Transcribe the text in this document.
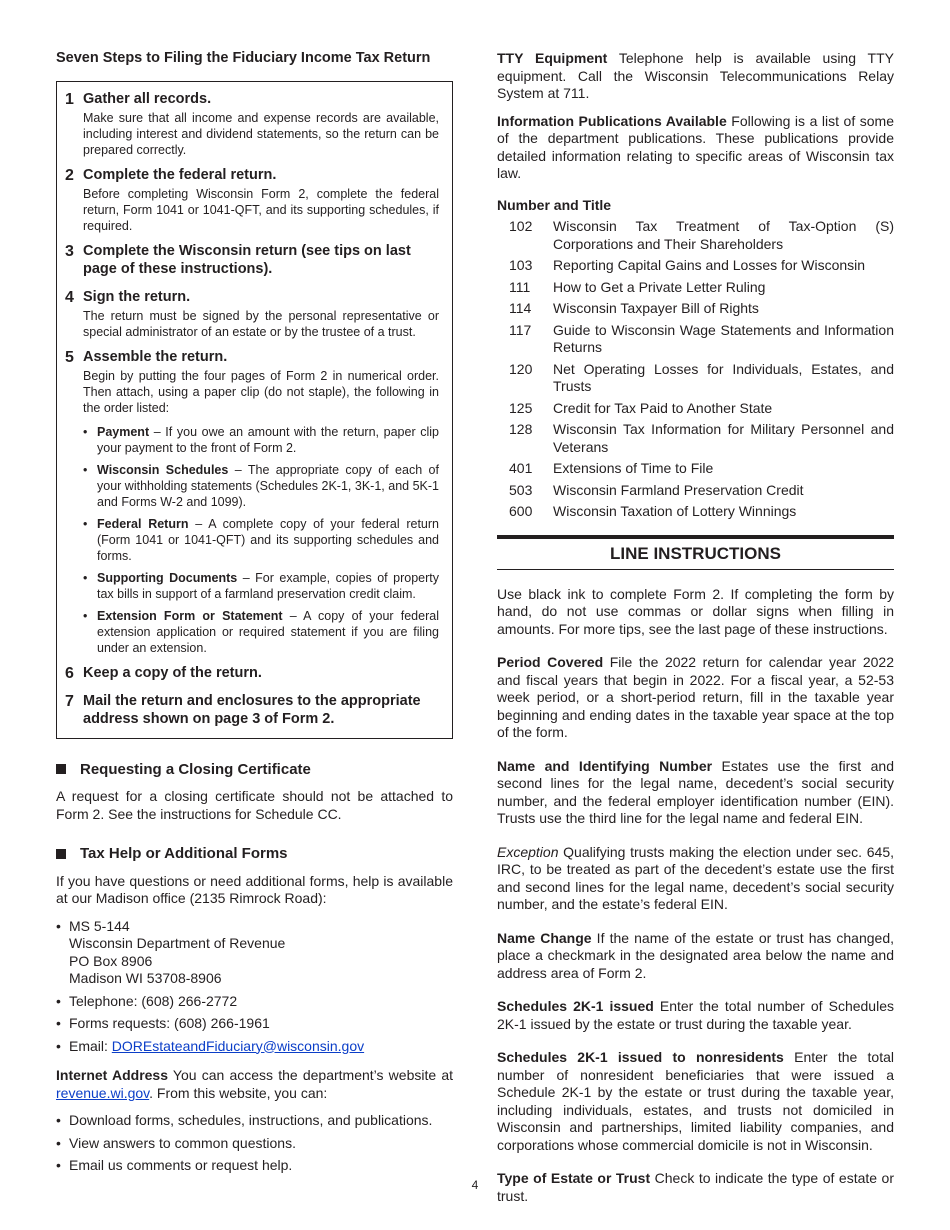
Seven Steps to Filing the Fiduciary Income Tax Return
1 Gather all records.

Make sure that all income and expense records are available, including interest and dividend statements, so the return can be prepared correctly.

2 Complete the federal return.

Before completing Wisconsin Form 2, complete the federal return, Form 1041 or 1041-QFT, and its supporting schedules, if required.

3 Complete the Wisconsin return (see tips on last page of these instructions).
4 Sign the return.

The return must be signed by the personal representative or special administrator of an estate or by the trustee of a trust.

5 Assemble the return.

Begin by putting the four pages of Form 2 in numerical order. Then attach, using a paper clip (do not staple), the following in the order listed:

• Payment – If you owe an amount with the return, paper clip your payment to the front of Form 2.
• Wisconsin Schedules – The appropriate copy of each of your withholding statements (Schedules 2K-1, 3K-1, and 5K-1 and Forms W-2 and 1099).
• Federal Return – A complete copy of your federal return (Form 1041 or 1041-QFT) and its supporting schedules and forms.
• Supporting Documents – For example, copies of property tax bills in support of a farmland preservation credit claim.
• Extension Form or Statement – A copy of your federal extension application or required statement if you are filing under an extension.
6 Keep a copy of the return.
7 Mail the return and enclosures to the appropriate address shown on page 3 of Form 2.
Requesting a Closing Certificate

A request for a closing certificate should not be attached to Form 2. See the instructions for Schedule CC.

Tax Help or Additional Forms

If you have questions or need additional forms, help is available at our Madison office (2135 Rimrock Road):

• MS 5-144
Wisconsin Department of Revenue
PO Box 8906
Madison WI 53708-8906
• Telephone: (608) 266-2772
• Forms requests: (608) 266-1961
• Email: DOREstateandFiduciary@wisconsin.gov

Internet Address You can access the department’s website at revenue.wi.gov. From this website, you can:

• Download forms, schedules, instructions, and publications.
• View answers to common questions.
• Email us comments or request help.

TTY Equipment Telephone help is available using TTY equipment. Call the Wisconsin Telecommunications Relay System at 711.

Information Publications Available Following is a list of some of the department publications. These publications provide detailed information relating to specific areas of Wisconsin tax law.

Number and Title
102	Wisconsin Tax Treatment of Tax-Option (S) Corporations and Their Shareholders
103	Reporting Capital Gains and Losses for Wisconsin
111	How to Get a Private Letter Ruling
114	Wisconsin Taxpayer Bill of Rights
117	Guide to Wisconsin Wage Statements and Information Returns
120	Net Operating Losses for Individuals, Estates, and Trusts
125	Credit for Tax Paid to Another State
128	Wisconsin Tax Information for Military Personnel and Veterans
401	Extensions of Time to File
503	Wisconsin Farmland Preservation Credit
600	Wisconsin Taxation of Lottery Winnings
LINE INSTRUCTIONS

Use black ink to complete Form 2. If completing the form by hand, do not use commas or dollar signs when filling in amounts. For more tips, see the last page of these instructions.

Period Covered File the 2022 return for calendar year 2022 and fiscal years that begin in 2022. For a fiscal year, a 52-53 week period, or a short-period return, fill in the taxable year beginning and ending dates in the taxable year space at the top of the form.

Name and Identifying Number Estates use the first and second lines for the legal name, decedent’s social security number, and the federal employer identification number (EIN). Trusts use the third line for the legal name and federal EIN.

Exception Qualifying trusts making the election under sec. 645, IRC, to be treated as part of the decedent’s estate use the first and second lines for the legal name, decedent’s social security number, and the estate’s federal EIN.

Name Change If the name of the estate or trust has changed, place a checkmark in the designated area below the name and address area of Form 2.

Schedules 2K-1 issued Enter the total number of Schedules 2K-1 issued by the estate or trust during the taxable year.

Schedules 2K-1 issued to nonresidents Enter the total number of nonresident beneficiaries that were issued a Schedule 2K-1 by the estate or trust during the taxable year, including individuals, estates, and trusts not domiciled in Wisconsin and partnerships, limited liability companies, and corporations whose commercial domicile is not in Wisconsin.

Type of Estate or Trust Check to indicate the type of estate or trust.

4
